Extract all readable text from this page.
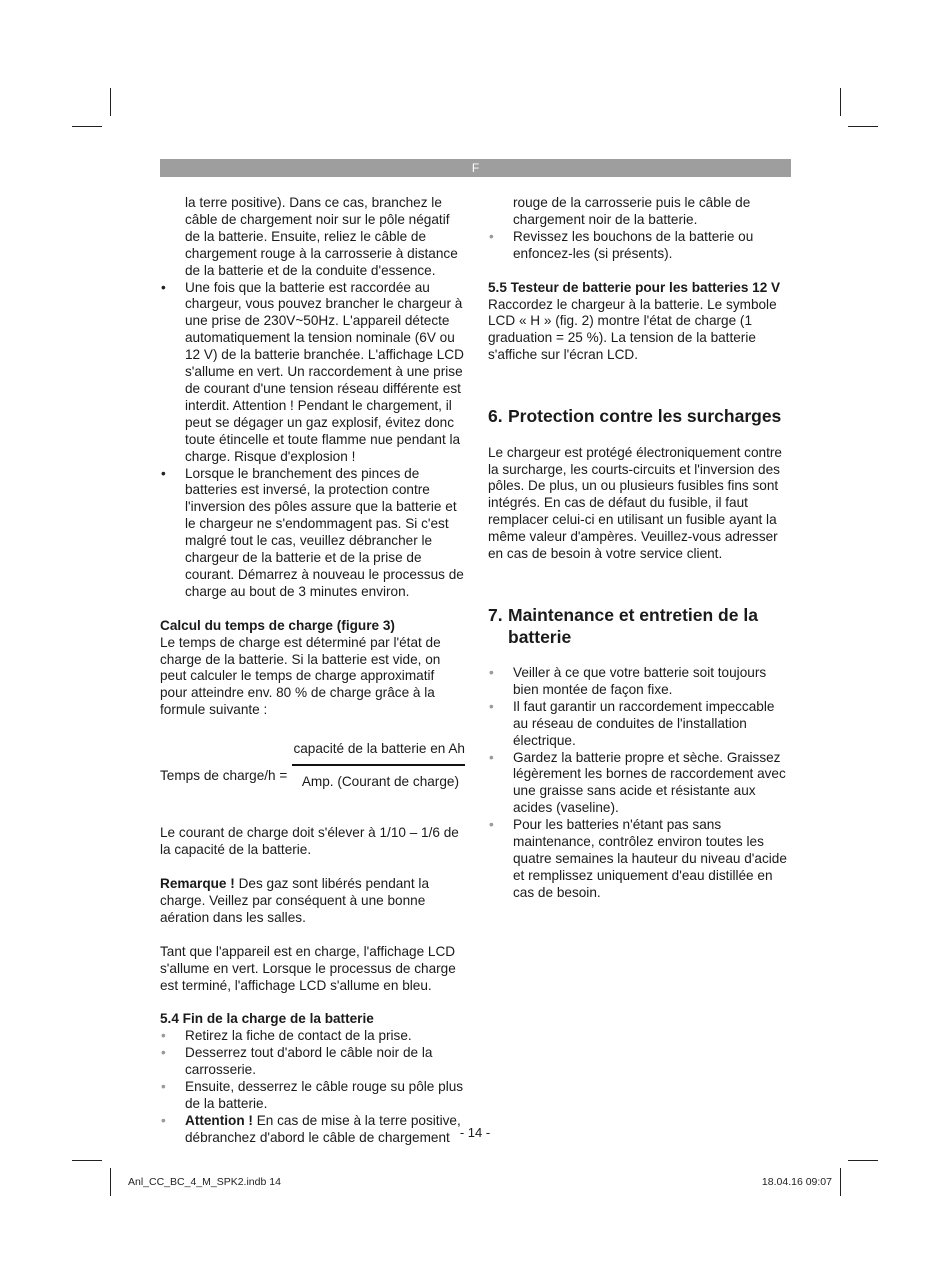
F

la terre positive). Dans ce cas, branchez le câble de chargement noir sur le pôle négatif de la batterie. Ensuite, reliez le câble de chargement rouge à la carrosserie à distance de la batterie et de la conduite d'essence.

• Une fois que la batterie est raccordée au chargeur, vous pouvez brancher le chargeur à une prise de 230V~50Hz. L'appareil détecte automatiquement la tension nominale (6V ou 12 V) de la batterie branchée. L'affichage LCD s'allume en vert. Un raccordement à une prise de courant d'une tension réseau différente est interdit. Attention ! Pendant le chargement, il peut se dégager un gaz explosif, évitez donc toute étincelle et toute flamme nue pendant la charge. Risque d'explosion !

• Lorsque le branchement des pinces de batteries est inversé, la protection contre l'inversion des pôles assure que la batterie et le chargeur ne s'endommagent pas. Si c'est malgré tout le cas, veuillez débrancher le chargeur de la batterie et de la prise de courant. Démarrez à nouveau le processus de charge au bout de 3 minutes environ.

Calcul du temps de charge (figure 3)

Le temps de charge est déterminé par l'état de charge de la batterie. Si la batterie est vide, on peut calculer le temps de charge approximatif pour atteindre env. 80 % de charge grâce à la formule suivante :

Temps de charge/h =
capacité de la batterie en Ah
Amp. (Courant de charge)

Le courant de charge doit s'élever à 1/10 – 1/6 de la capacité de la batterie.

Remarque ! Des gaz sont libérés pendant la charge. Veillez par conséquent à une bonne aération dans les salles.

Tant que l'appareil est en charge, l'affichage LCD s'allume en vert. Lorsque le processus de charge est terminé, l'affichage LCD s'allume en bleu.

5.4 Fin de la charge de la batterie

• Retirez la fiche de contact de la prise.

• Desserrez tout d'abord le câble noir de la carrosserie.

• Ensuite, desserrez le câble rouge su pôle plus de la batterie.

• Attention ! En cas de mise à la terre positive, débranchez d'abord le câble de chargement

rouge de la carrosserie puis le câble de chargement noir de la batterie.

• Revissez les bouchons de la batterie ou enfoncez-les (si présents).

5.5 Testeur de batterie pour les batteries 12 V

Raccordez le chargeur à la batterie. Le symbole LCD « H » (fig. 2) montre l'état de charge (1 graduation = 25 %). La tension de la batterie s'affiche sur l'écran LCD.

6. Protection contre les surcharges

Le chargeur est protégé électroniquement contre la surcharge, les courts-circuits et l'inversion des pôles. De plus, un ou plusieurs fusibles fins sont intégrés. En cas de défaut du fusible, il faut remplacer celui-ci en utilisant un fusible ayant la même valeur d'ampères. Veuillez-vous adresser en cas de besoin à votre service client.

7. Maintenance et entretien de la
batterie

• Veiller à ce que votre batterie soit toujours bien montée de façon fixe.

• Il faut garantir un raccordement impeccable au réseau de conduites de l'installation électrique.

• Gardez la batterie propre et sèche. Graissez légèrement les bornes de raccordement avec une graisse sans acide et résistante aux acides (vaseline).

• Pour les batteries n'étant pas sans maintenance, contrôlez environ toutes les quatre semaines la hauteur du niveau d'acide et remplissez uniquement d'eau distillée en cas de besoin.

- 14 -
Anl_CC_BC_4_M_SPK2.indb 14	18.04.16 09:07
